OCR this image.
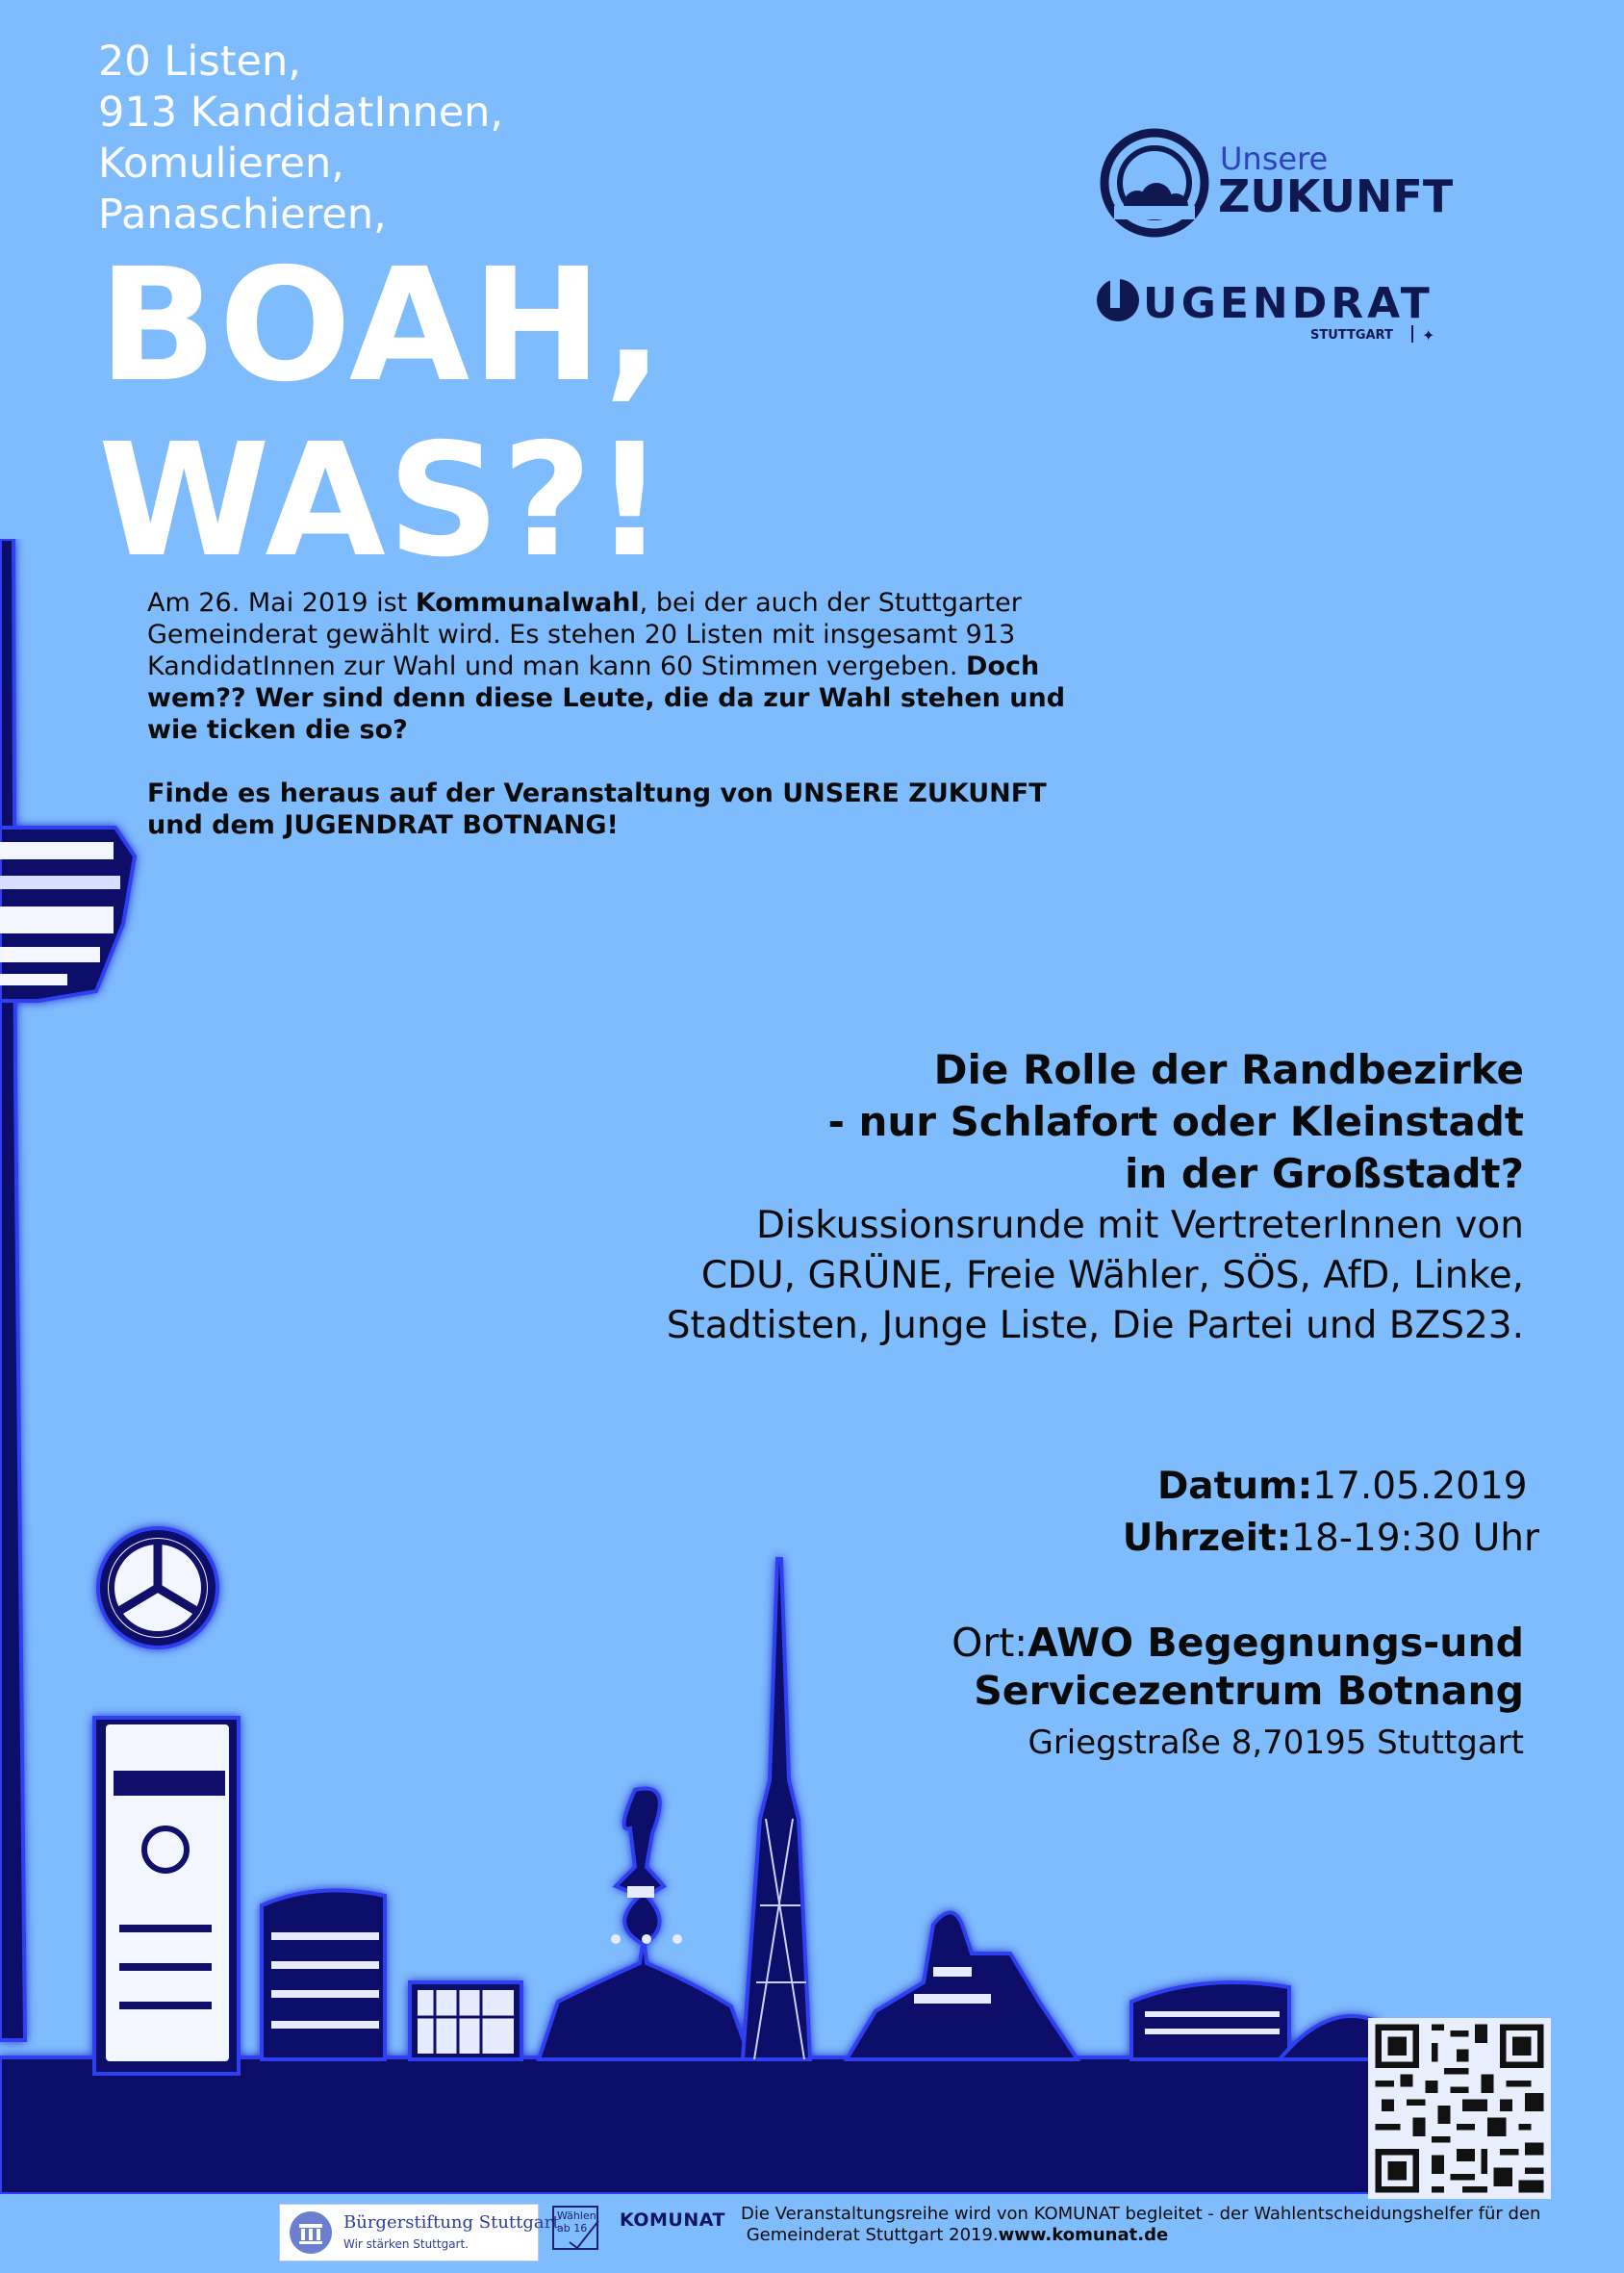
20 Listen,
913 KandidatInnen,
Komulieren,
Panaschieren,
BOAH,
WAS?!
Unsere
ZUKUNFT
UGENDRAT
STUTTGART ✦

Am 26. Mai 2019 ist Kommunalwahl, bei der auch der Stuttgarter Gemeinderat gewählt wird. Es stehen 20 Listen mit insgesamt 913 KandidatInnen zur Wahl und man kann 60 Stimmen vergeben. Doch wem?? Wer sind denn diese Leute, die da zur Wahl stehen und wie ticken die so?

Finde es heraus auf der Veranstaltung von UNSERE ZUKUNFT und dem JUGENDRAT BOTNANG!

Die Rolle der Randbezirke
- nur Schlafort oder Kleinstadt
in der Großstadt?
Diskussionsrunde mit VertreterInnen von
CDU, GRÜNE, Freie Wähler, SÖS, AfD, Linke,
Stadtisten, Junge Liste, Die Partei und BZS23.
Datum:17.05.2019
Uhrzeit:18-19:30 Uhr
Ort:AWO Begegnungs-und
Servicezentrum Botnang
Griegstraße 8,70195 Stuttgart
Bürgerstiftung Stuttgart
Wir stärken Stuttgart.
Wählen
ab 16 KOMUNAT Die Veranstaltungsreihe wird von KOMUNAT begleitet - der Wahlentscheidungshelfer für den
Gemeinderat Stuttgart 2019.www.komunat.de
